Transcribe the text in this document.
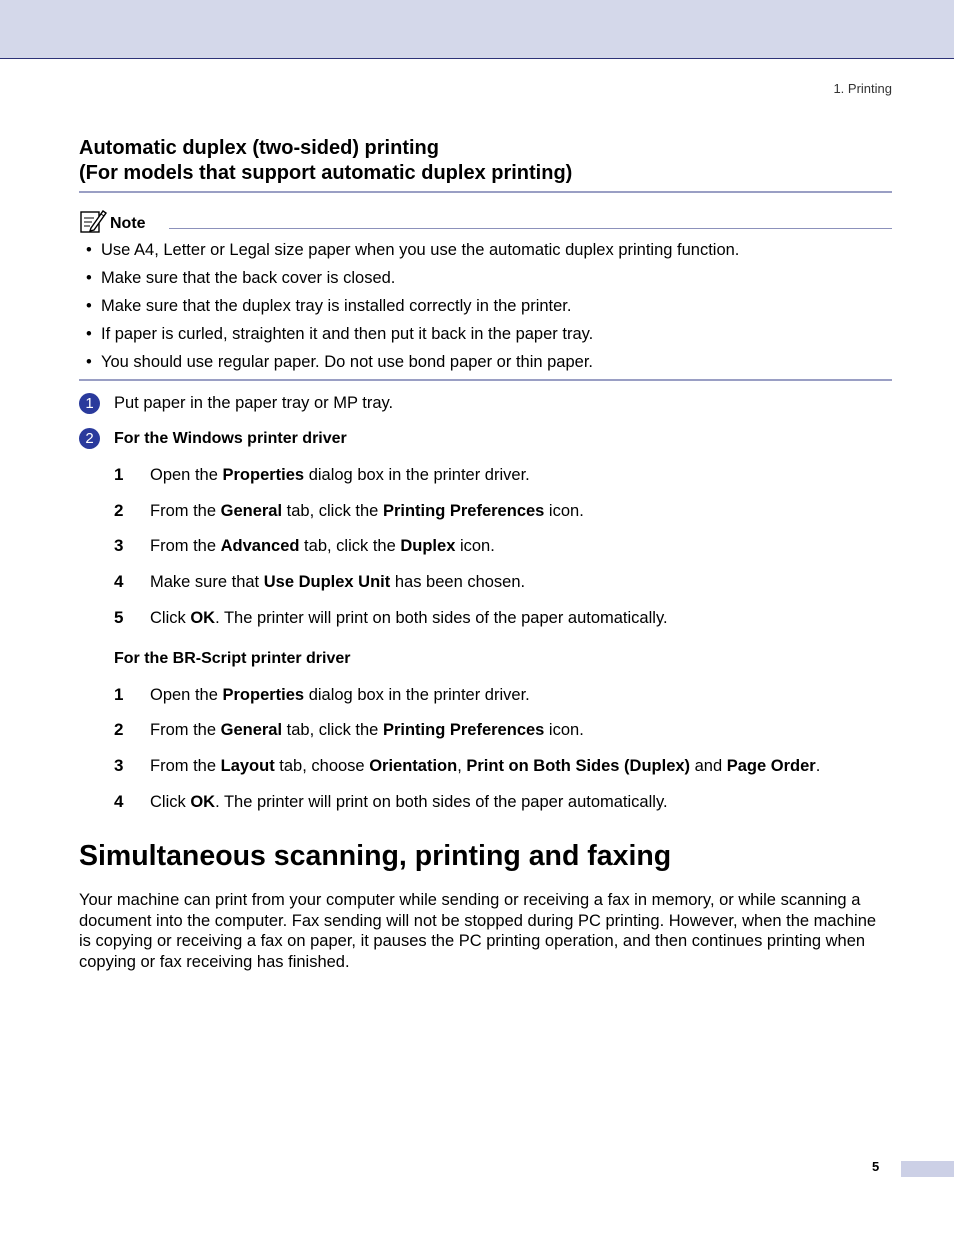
1. Printing
Automatic duplex (two-sided) printing
(For models that support automatic duplex printing)
Note
• Use A4, Letter or Legal size paper when you use the automatic duplex printing function.
• Make sure that the back cover is closed.
• Make sure that the duplex tray is installed correctly in the printer.
• If paper is curled, straighten it and then put it back in the paper tray.
• You should use regular paper. Do not use bond paper or thin paper.
1	Put paper in the paper tray or MP tray.
2	For the Windows printer driver
1 Open the Properties dialog box in the printer driver.
2 From the General tab, click the Printing Preferences icon.
3 From the Advanced tab, click the Duplex icon.
4 Make sure that Use Duplex Unit has been chosen.
5 Click OK. The printer will print on both sides of the paper automatically.
For the BR-Script printer driver
1 Open the Properties dialog box in the printer driver.
2 From the General tab, click the Printing Preferences icon.
3 From the Layout tab, choose Orientation, Print on Both Sides (Duplex) and Page Order.
4 Click OK. The printer will print on both sides of the paper automatically.
Simultaneous scanning, printing and faxing
Your machine can print from your computer while sending or receiving a fax in memory, or while scanning a
document into the computer. Fax sending will not be stopped during PC printing. However, when the machine
is copying or receiving a fax on paper, it pauses the PC printing operation, and then continues printing when
copying or fax receiving has finished.
5
